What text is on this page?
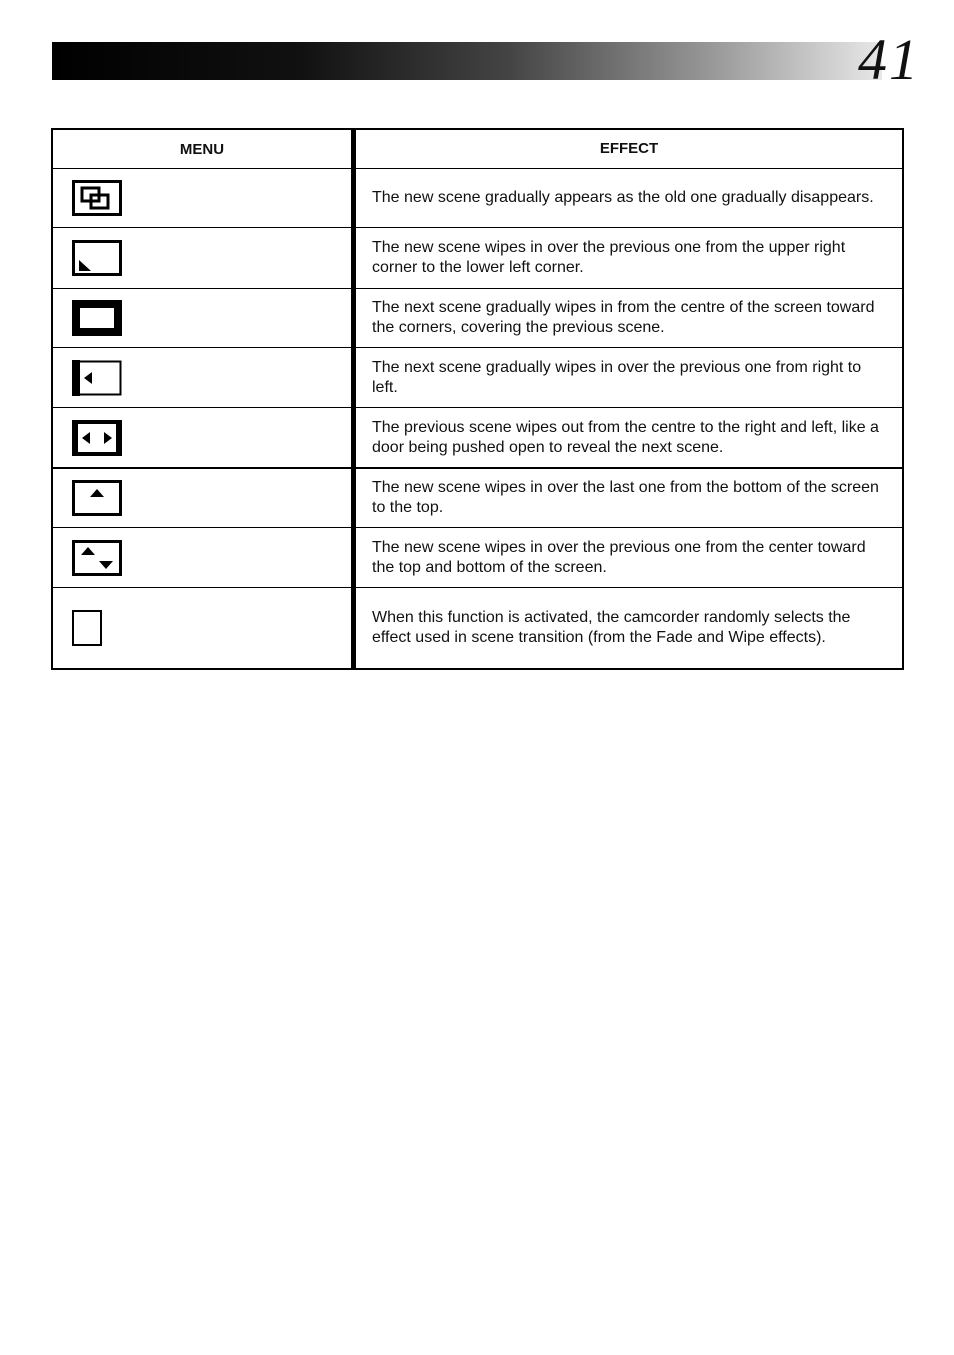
41
MENU	EFFECT
The new scene gradually appears as the old one gradually disappears.
The new scene wipes in over the previous one from the upper right corner to the lower left corner.
The next scene gradually wipes in from the centre of the screen toward the corners, covering the previous scene.
The next scene gradually wipes in over the previous one from right to left.
The previous scene wipes out from the centre to the right and left, like a door being pushed open to reveal the next scene.
The new scene wipes in over the last one from the bottom of the screen to the top.
The new scene wipes in over the previous one from the center toward the top and bottom of the screen.
When this function is activated, the camcorder randomly selects the effect used in scene transition (from the Fade and Wipe effects).
